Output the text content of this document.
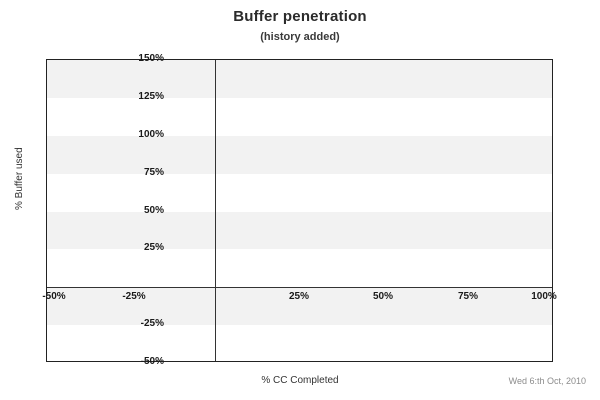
Buffer penetration
(history added)
150%
125%
100%
75%
50%
25%
-25%
-50%
-50%	-25%	25%	50%	75%	100%
% Buffer used
% CC Completed	Wed 6:th Oct, 2010
